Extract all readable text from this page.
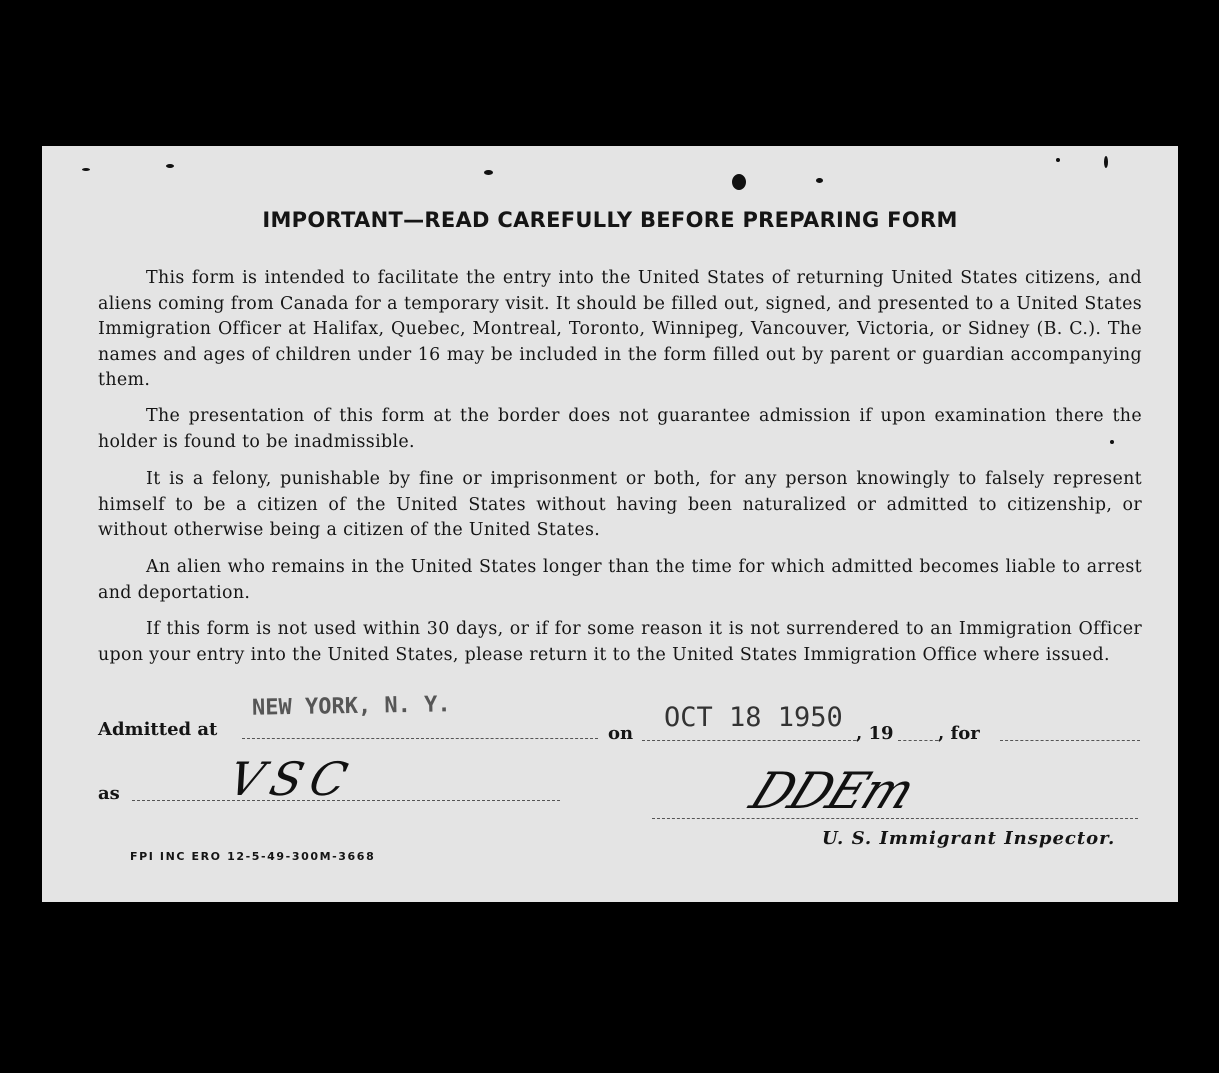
IMPORTANT—READ CAREFULLY BEFORE PREPARING FORM

This form is intended to facilitate the entry into the United States of returning United States citizens, and aliens coming from Canada for a temporary visit. It should be filled out, signed, and presented to a United States Immigration Officer at Halifax, Quebec, Montreal, Toronto, Winnipeg, Vancouver, Victoria, or Sidney (B. C.). The names and ages of children under 16 may be included in the form filled out by parent or guardian accompanying them.

The presentation of this form at the border does not guarantee admission if upon examination there the holder is found to be inadmissible.

It is a felony, punishable by fine or imprisonment or both, for any person knowingly to falsely represent himself to be a citizen of the United States without having been naturalized or admitted to citizenship, or without otherwise being a citizen of the United States.

An alien who remains in the United States longer than the time for which admitted becomes liable to arrest and deportation.

If this form is not used within 30 days, or if for some reason it is not surrendered to an Immigration Officer upon your entry into the United States, please return it to the United States Immigration Office where issued.

Admitted at
NEW YORK, N. Y.
on
OCT 18 1950
, 19 , for
as VSC	DDEm
U. S. Immigrant Inspector.
FPI INC ERO 12-5-49-300M-3668
